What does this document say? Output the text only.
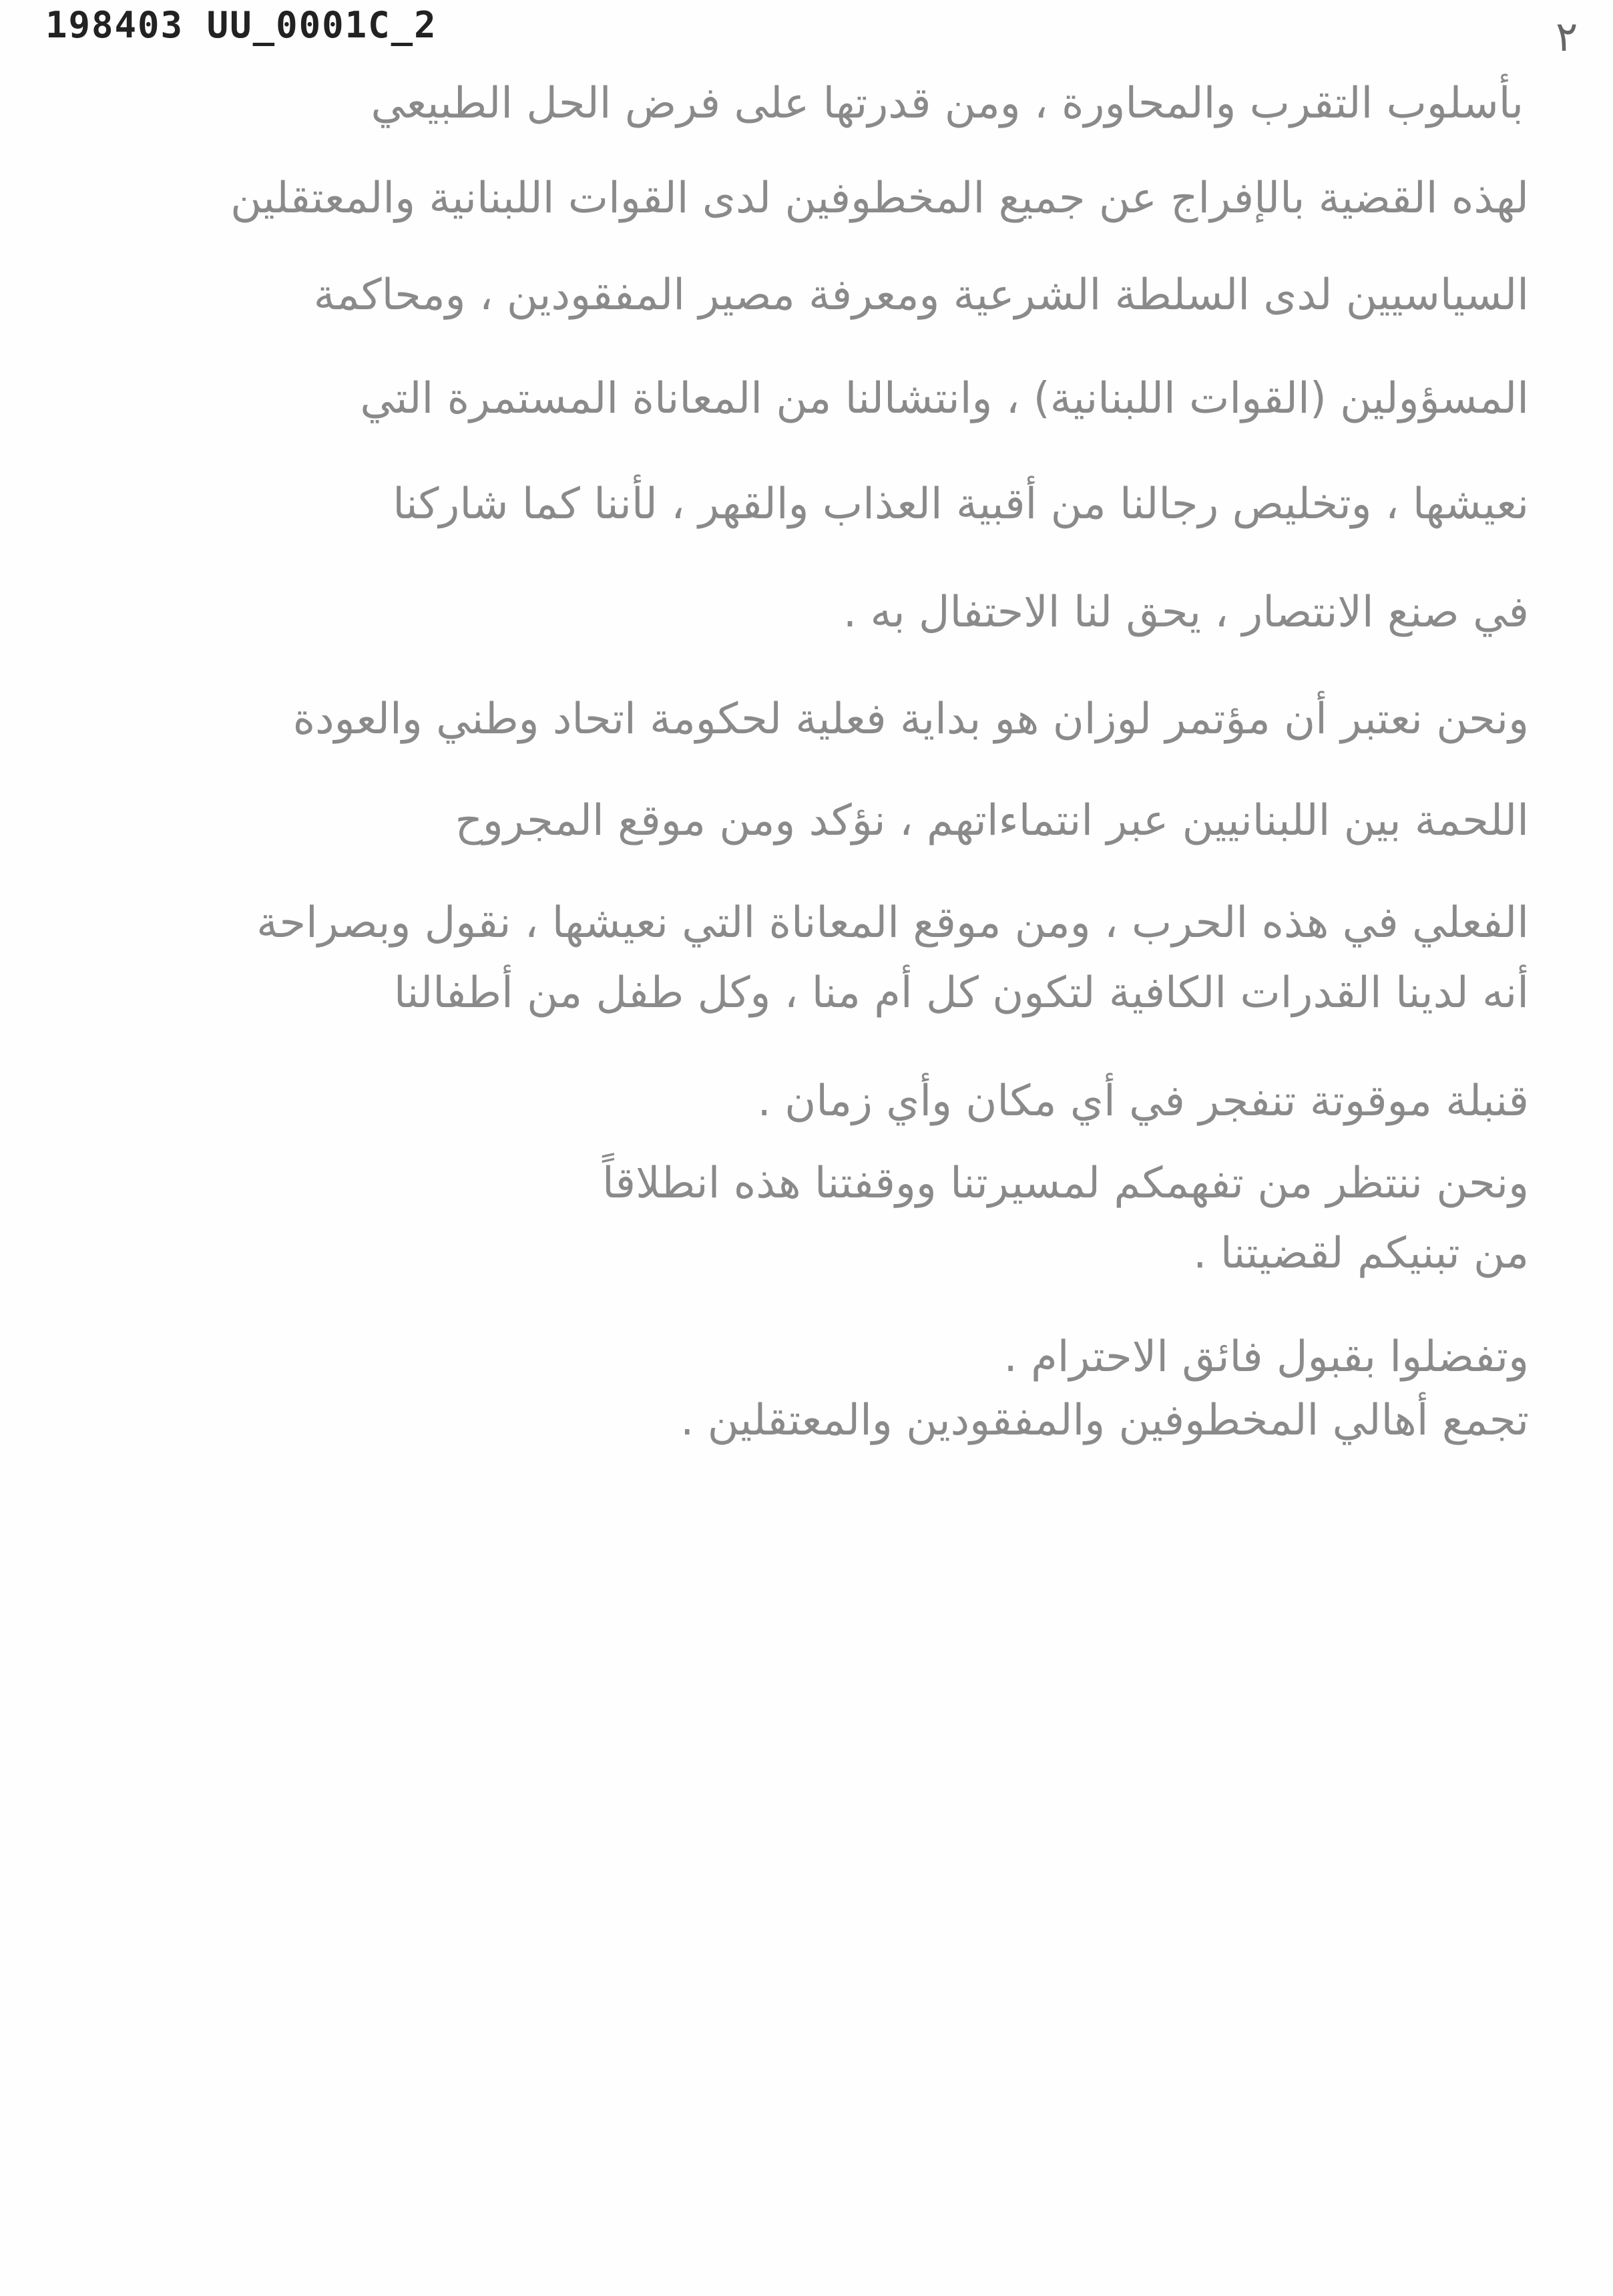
198403 UU_0001C_2	٢
بأسلوب التقرب والمحاورة ، ومن قدرتها على فرض الحل الطبيعي
لهذه القضية بالإفراج عن جميع المخطوفين لدى القوات اللبنانية والمعتقلين
السياسيين لدى السلطة الشرعية ومعرفة مصير المفقودين ، ومحاكمة
المسؤولين (القوات اللبنانية) ، وانتشالنا من المعاناة المستمرة التي
نعيشها ، وتخليص رجالنا من أقبية العذاب والقهر ، لأننا كما شاركنا
في صنع الانتصار ، يحق لنا الاحتفال به .
ونحن نعتبر أن مؤتمر لوزان هو بداية فعلية لحكومة اتحاد وطني والعودة
اللحمة بين اللبنانيين عبر انتماءاتهم ، نؤكد ومن موقع المجروح
الفعلي في هذه الحرب ، ومن موقع المعاناة التي نعيشها ، نقول وبصراحة
أنه لدينا القدرات الكافية لتكون كل أم منا ، وكل طفل من أطفالنا
قنبلة موقوتة تنفجر في أي مكان وأي زمان .
ونحن ننتظر من تفهمكم لمسيرتنا ووقفتنا هذه انطلاقاً
من تبنيكم لقضيتنا .
وتفضلوا بقبول فائق الاحترام .
تجمع أهالي المخطوفين والمفقودين والمعتقلين .
